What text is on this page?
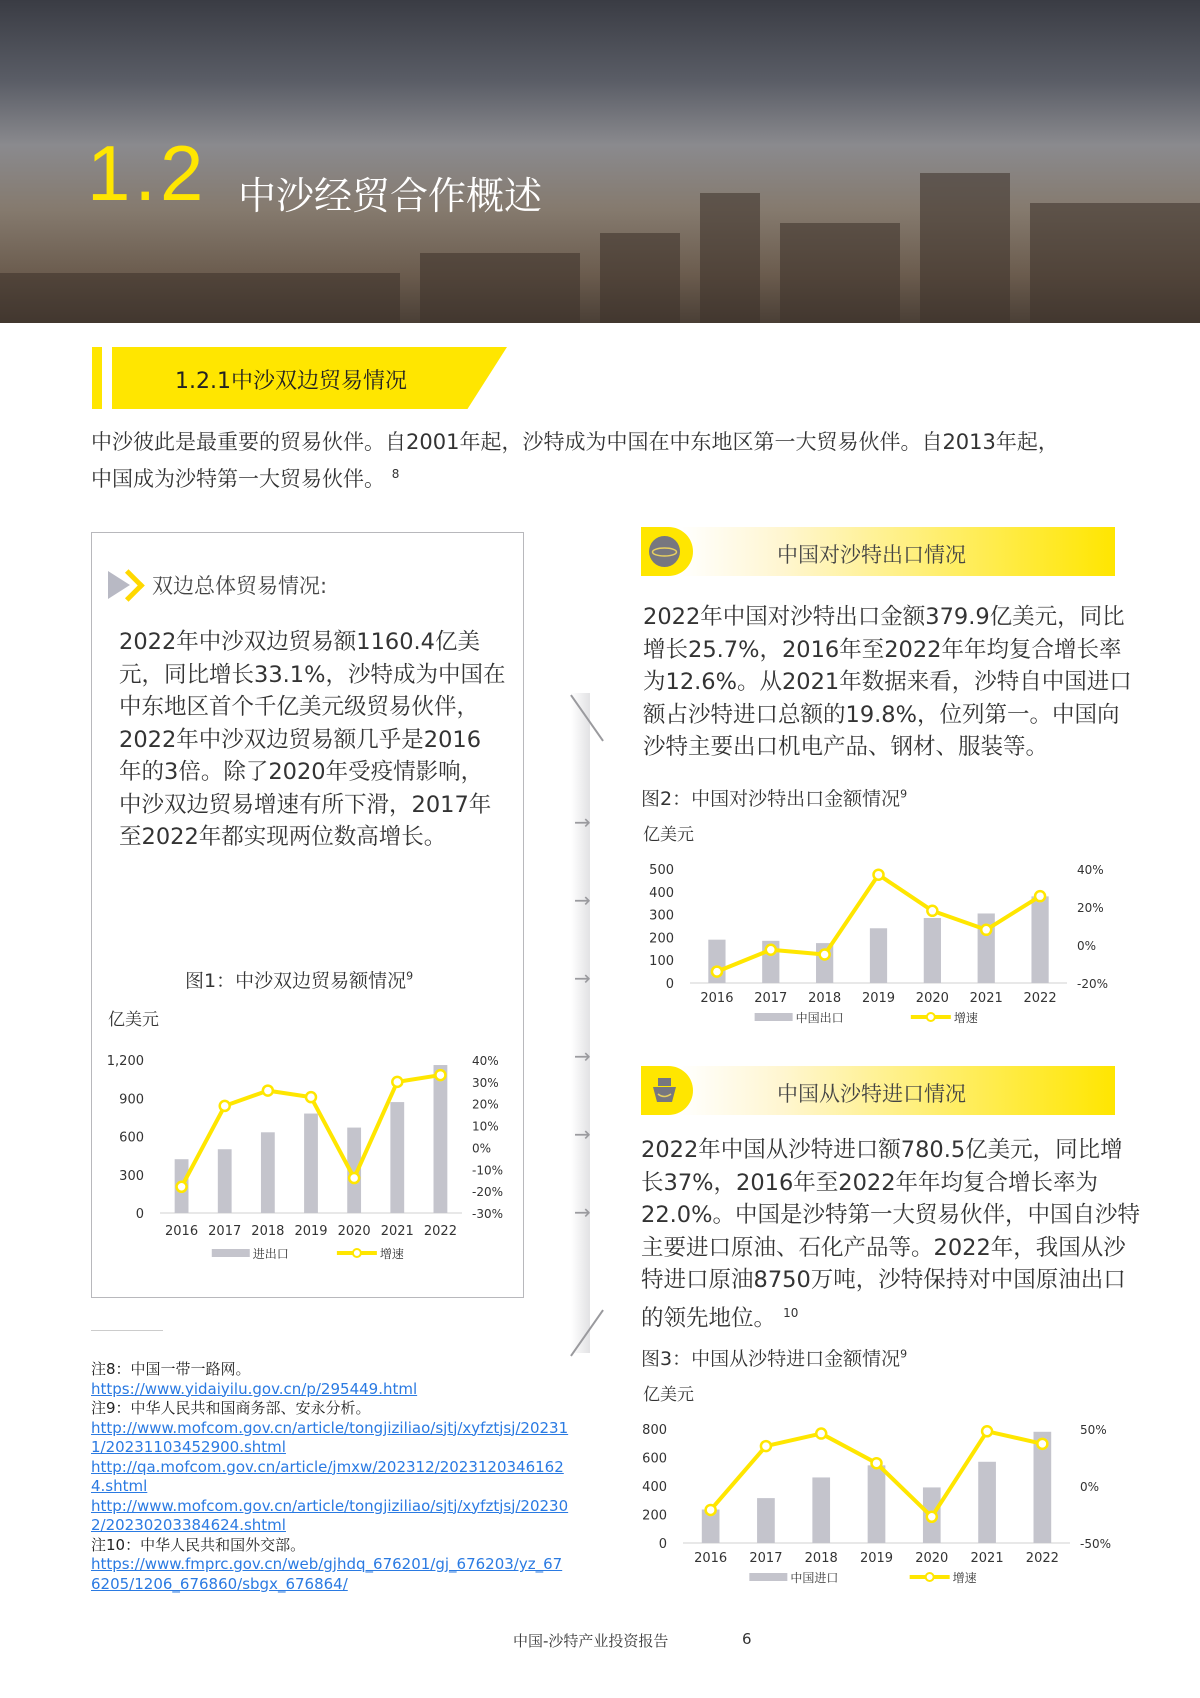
1.2 中沙经贸合作概述
1.2.1中沙双边贸易情况
中沙彼此是最重要的贸易伙伴。自2001年起，沙特成为中国在中东地区第一大贸易伙伴。自2013年起，
中国成为沙特第一大贸易伙伴。 $^8$
双边总体贸易情况:
2022年中沙双边贸易额1160.4亿美
元，同比增长33.1%，沙特成为中国在
中东地区首个千亿美元级贸易伙伴，
2022年中沙双边贸易额几乎是2016
年的3倍。除了2020年受疫情影响，
中沙双边贸易增速有所下滑，2017年
至2022年都实现两位数高增长。
图1：中沙双边贸易额情况$^9$
亿美元
1,200
900
600
300
0
40%
30%
20%
10%
0%
-10%
-20%
-30%
2016 2017 2018 2019 2020 2021 2022
进出口	增速
→
→
→
→
→
→
中国对沙特出口情况
2022年中国对沙特出口金额379.9亿美元，同比
增长25.7%，2016年至2022年年均复合增长率
为12.6%。从2021年数据来看，沙特自中国进口
额占沙特进口总额的19.8%，位列第一。中国向
沙特主要出口机电产品、钢材、服装等。
图2：中国对沙特出口金额情况$^9$
亿美元
500
400
300
200
100
0
40%
20%
0%
-20%
2016 2017 2018 2019 2020 2021 2022
中国出口	增速
中国从沙特进口情况
2022年中国从沙特进口额780.5亿美元，同比增
长37%，2016年至2022年年均复合增长率为
22.0%。中国是沙特第一大贸易伙伴，中国自沙特
主要进口原油、石化产品等。2022年，我国从沙
特进口原油8750万吨，沙特保持对中国原油出口
的领先地位。 $^{10}$
图3：中国从沙特进口金额情况$^9$
亿美元
800
600
400
200
0
50%
0%
-50%
2016 2017 2018 2019 2020 2021 2022
中国进口	增速
注8：中国一带一路网。
https://www.yidaiyilu.gov.cn/p/295449.html
注9：中华人民共和国商务部、安永分析。
http://www.mofcom.gov.cn/article/tongjiziliao/sjtj/xyfztjsj/202311/20231103452900.shtml
http://qa.mofcom.gov.cn/article/jmxw/202312/20231203461624.shtml
http://www.mofcom.gov.cn/article/tongjiziliao/sjtj/xyfztjsj/202302/20230203384624.shtml
注10：中华人民共和国外交部。
https://www.fmprc.gov.cn/web/gjhdq_676201/gj_676203/yz_676205/1206_676860/sbgx_676864/
中国-沙特产业投资报告	6
